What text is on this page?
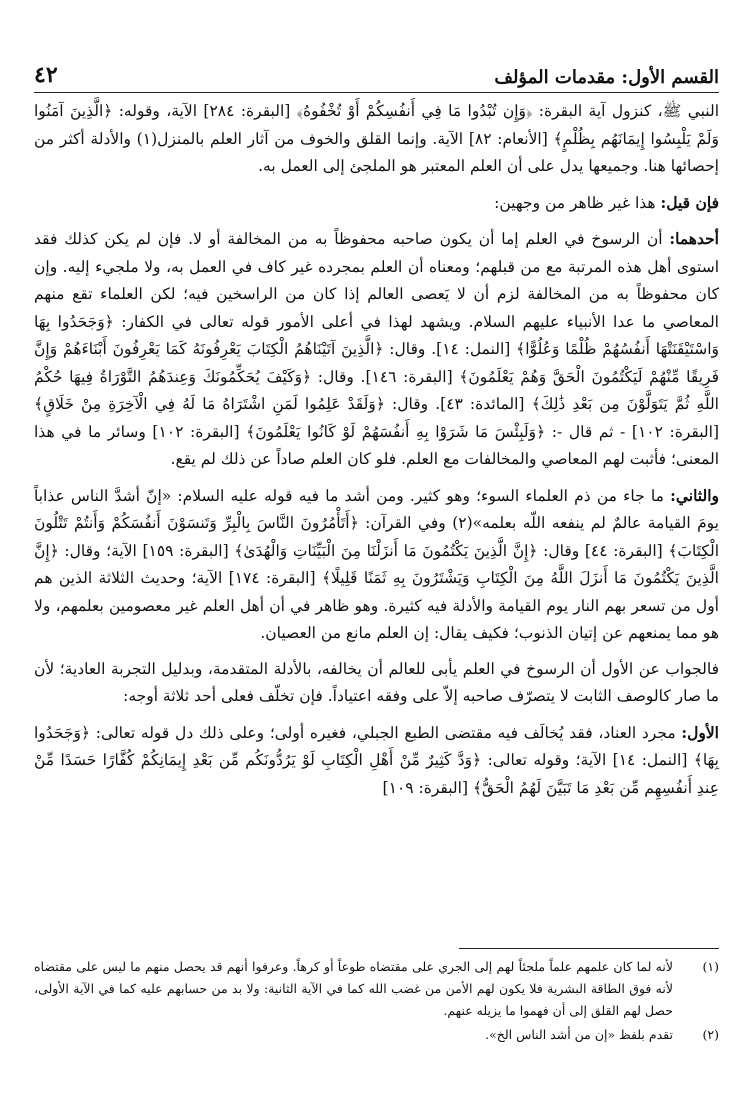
٤٢	القسم الأول: مقدمات المؤلف

النبي ﷺ، كنزول آية البقرة: ﴿وَإِن تُبْدُوا مَا فِي أَنفُسِكُمْ أَوْ تُخْفُوهُ﴾ [البقرة: ٢٨٤] الآية، وقوله: ﴿الَّذِينَ آمَنُوا وَلَمْ يَلْبِسُوا إِيمَانَهُم بِظُلْمٍ﴾ [الأنعام: ٨٢] الآية. وإنما القلق والخوف من آثار العلم بالمنزل(١) والأدلة أكثر من إحصائها هنا. وجميعها يدل على أن العلم المعتبر هو الملجئ إلى العمل به.

فإن قيل: هذا غير ظاهر من وجهين:

أحدهما: أن الرسوخ في العلم إما أن يكون صاحبه محفوظاً به من المخالفة أو لا. فإن لم يكن كذلك فقد استوى أهل هذه المرتبة مع من قبلهم؛ ومعناه أن العلم بمجرده غير كاف في العمل به، ولا ملجيء إليه. وإن كان محفوظاً به من المخالفة لزم أن لا يَعصى العالم إذا كان من الراسخين فيه؛ لكن العلماء تقع منهم المعاصي ما عدا الأنبياء عليهم السلام. ويشهد لهذا في أعلى الأمور قوله تعالى في الكفار: ﴿وَجَحَدُوا بِهَا وَاسْتَيْقَنَتْهَا أَنفُسُهُمْ ظُلْمًا وَعُلُوًّا﴾ [النمل: ١٤]. وقال: ﴿الَّذِينَ آتَيْنَاهُمُ الْكِتَابَ يَعْرِفُونَهُ كَمَا يَعْرِفُونَ أَبْنَاءَهُمْ وَإِنَّ فَرِيقًا مِّنْهُمْ لَيَكْتُمُونَ الْحَقَّ وَهُمْ يَعْلَمُونَ﴾ [البقرة: ١٤٦]. وقال: ﴿وَكَيْفَ يُحَكِّمُونَكَ وَعِندَهُمُ التَّوْرَاةُ فِيهَا حُكْمُ اللَّهِ ثُمَّ يَتَوَلَّوْنَ مِن بَعْدِ ذَٰلِكَ﴾ [المائدة: ٤٣]. وقال: ﴿وَلَقَدْ عَلِمُوا لَمَنِ اشْتَرَاهُ مَا لَهُ فِي الْآخِرَةِ مِنْ خَلَاقٍ﴾ [البقرة: ١٠٢] - ثم قال -: ﴿وَلَبِئْسَ مَا شَرَوْا بِهِ أَنفُسَهُمْ لَوْ كَانُوا يَعْلَمُونَ﴾ [البقرة: ١٠٢] وسائر ما في هذا المعنى؛ فأثبت لهم المعاصي والمخالفات مع العلم. فلو كان العلم صاداً عن ذلك لم يقع.

والثاني: ما جاء من ذم العلماء السوء؛ وهو كثير. ومن أشد ما فيه قوله عليه السلام: «إنّ أشدَّ الناس عذاباً يومَ القيامة عالمٌ لم ينفعه اللّه بعلمه»(٢) وفي القرآن: ﴿أَتَأْمُرُونَ النَّاسَ بِالْبِرِّ وَتَنسَوْنَ أَنفُسَكُمْ وَأَنتُمْ تَتْلُونَ الْكِتَابَ﴾ [البقرة: ٤٤] وقال: ﴿إِنَّ الَّذِينَ يَكْتُمُونَ مَا أَنزَلْنَا مِنَ الْبَيِّنَاتِ وَالْهُدَىٰ﴾ [البقرة: ١٥٩] الآية؛ وقال: ﴿إِنَّ الَّذِينَ يَكْتُمُونَ مَا أَنزَلَ اللَّهُ مِنَ الْكِتَابِ وَيَشْتَرُونَ بِهِ ثَمَنًا قَلِيلًا﴾ [البقرة: ١٧٤] الآية؛ وحديث الثلاثة الذين هم أول من تسعر بهم النار يوم القيامة والأدلة فيه كثيرة. وهو ظاهر في أن أهل العلم غير معصومين بعلمهم، ولا هو مما يمنعهم عن إتيان الذنوب؛ فكيف يقال: إن العلم مانع من العصيان.

فالجواب عن الأول أن الرسوخ في العلم يأبى للعالم أن يخالفه، بالأدلة المتقدمة، وبدليل التجربة العادية؛ لأن ما صار كالوصف الثابت لا يتصرّف صاحبه إلاّ على وفقه اعتياداً. فإن تخلّف فعلى أحد ثلاثة أوجه:

الأول: مجرد العناد، فقد يُخالَف فيه مقتضى الطبع الجبلي، فغيره أولى؛ وعلى ذلك دل قوله تعالى: ﴿وَجَحَدُوا بِهَا﴾ [النمل: ١٤] الآية؛ وقوله تعالى: ﴿وَدَّ كَثِيرٌ مِّنْ أَهْلِ الْكِتَابِ لَوْ يَرُدُّونَكُم مِّن بَعْدِ إِيمَانِكُمْ كُفَّارًا حَسَدًا مِّنْ عِندِ أَنفُسِهِم مِّن بَعْدِ مَا تَبَيَّنَ لَهُمُ الْحَقُّ﴾ [البقرة: ١٠٩]

(١)
لأنه لما كان علمهم علماً ملجئاً لهم إلى الجري على مقتضاه طوعاً أو كرهاً. وعرفوا أنهم قد يحصل منهم ما ليس على مقتضاه لأنه فوق الطاقة البشرية فلا يكون لهم الأمن من غضب الله كما في الآية الثانية: ولا بد من حسابهم عليه كما في الآية الأولى، حصل لهم القلق إلى أن فهموا ما يزيله عنهم.
(٢)
تقدم بلفظ «إن من أشد الناس الخ».
